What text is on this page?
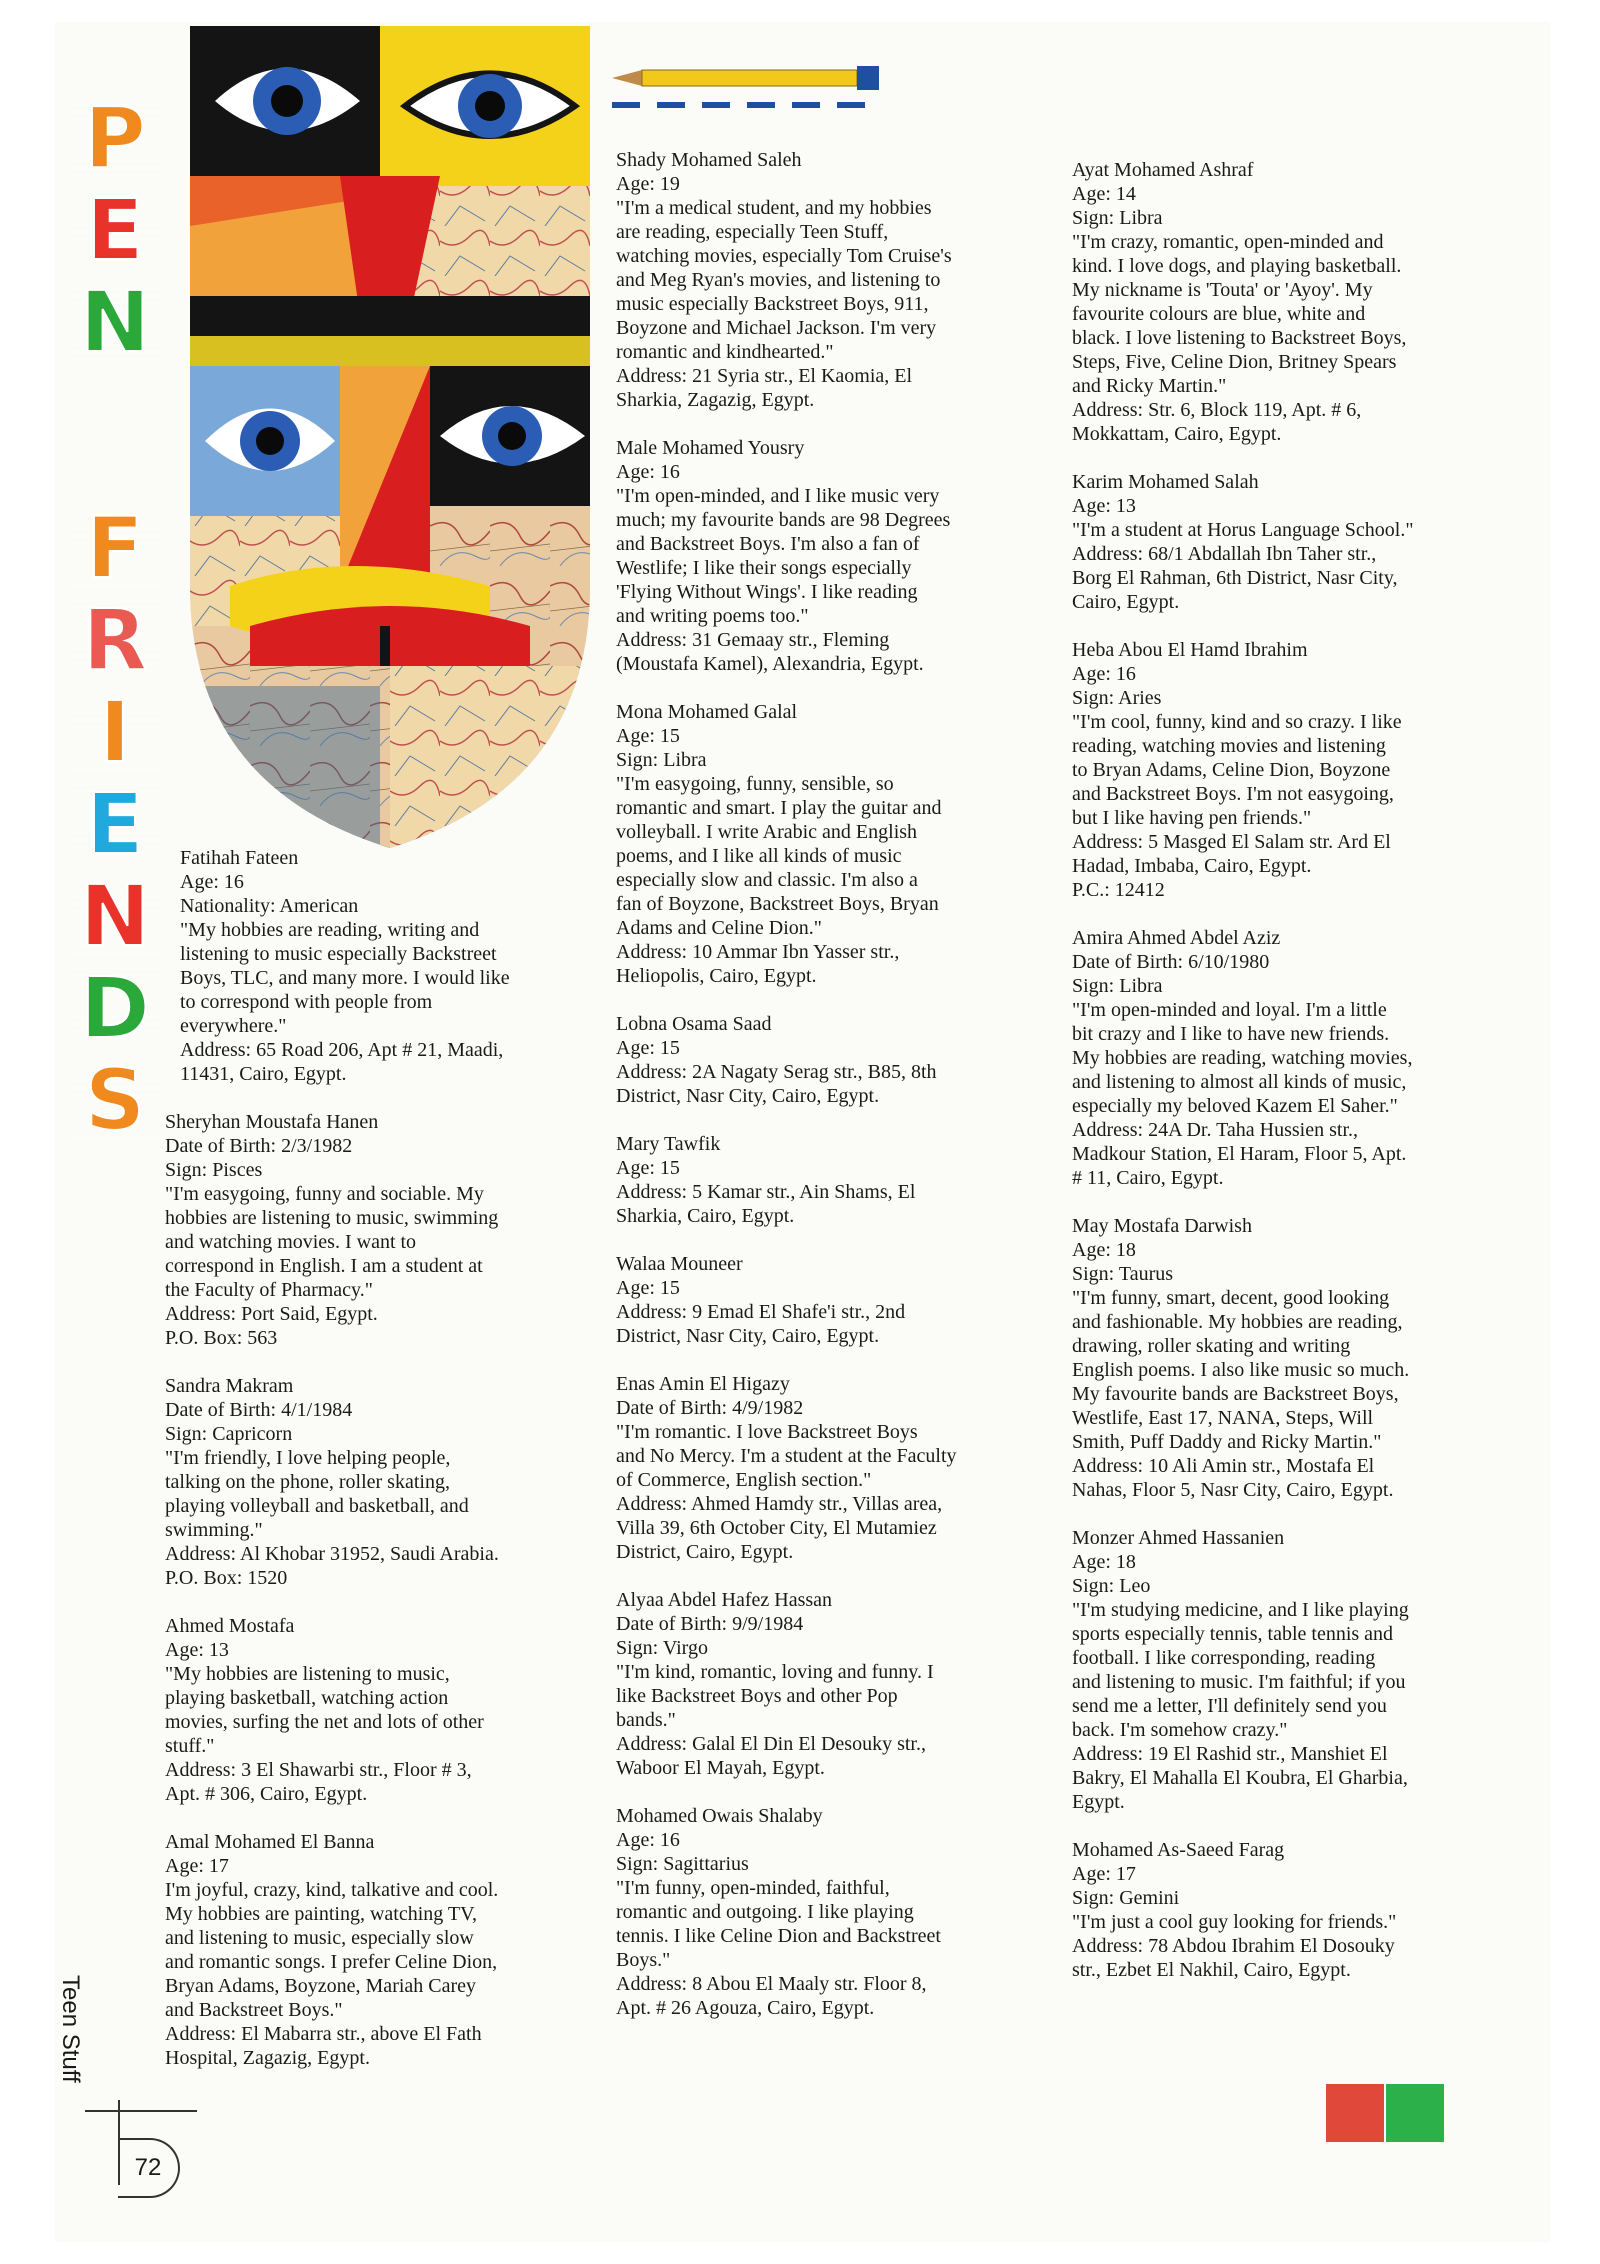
P
E
N
F
R
I
E
N
D
S
Fatihah Fateen
Age: 16
Nationality: American
"My hobbies are reading, writing and
listening to music especially Backstreet
Boys, TLC, and many more. I would like
to correspond with people from
everywhere."
Address: 65 Road 206, Apt # 21, Maadi,
11431, Cairo, Egypt.
Sheryhan Moustafa Hanen
Date of Birth: 2/3/1982
Sign: Pisces
"I'm easygoing, funny and sociable. My
hobbies are listening to music, swimming
and watching movies. I want to
correspond in English. I am a student at
the Faculty of Pharmacy."
Address: Port Said, Egypt.
P.O. Box: 563
Sandra Makram
Date of Birth: 4/1/1984
Sign: Capricorn
"I'm friendly, I love helping people,
talking on the phone, roller skating,
playing volleyball and basketball, and
swimming."
Address: Al Khobar 31952, Saudi Arabia.
P.O. Box: 1520
Ahmed Mostafa
Age: 13
"My hobbies are listening to music,
playing basketball, watching action
movies, surfing the net and lots of other
stuff."
Address: 3 El Shawarbi str., Floor # 3,
Apt. # 306, Cairo, Egypt.
Amal Mohamed El Banna
Age: 17
I'm joyful, crazy, kind, talkative and cool.
My hobbies are painting, watching TV,
and listening to music, especially slow
and romantic songs. I prefer Celine Dion,
Bryan Adams, Boyzone, Mariah Carey
and Backstreet Boys."
Address: El Mabarra str., above El Fath
Hospital, Zagazig, Egypt.
Shady Mohamed Saleh
Age: 19
"I'm a medical student, and my hobbies
are reading, especially Teen Stuff,
watching movies, especially Tom Cruise's
and Meg Ryan's movies, and listening to
music especially Backstreet Boys, 911,
Boyzone and Michael Jackson. I'm very
romantic and kindhearted."
Address: 21 Syria str., El Kaomia, El
Sharkia, Zagazig, Egypt.
Male Mohamed Yousry
Age: 16
"I'm open-minded, and I like music very
much; my favourite bands are 98 Degrees
and Backstreet Boys. I'm also a fan of
Westlife; I like their songs especially
'Flying Without Wings'. I like reading
and writing poems too."
Address: 31 Gemaay str., Fleming
(Moustafa Kamel), Alexandria, Egypt.
Mona Mohamed Galal
Age: 15
Sign: Libra
"I'm easygoing, funny, sensible, so
romantic and smart. I play the guitar and
volleyball. I write Arabic and English
poems, and I like all kinds of music
especially slow and classic. I'm also a
fan of Boyzone, Backstreet Boys, Bryan
Adams and Celine Dion."
Address: 10 Ammar Ibn Yasser str.,
Heliopolis, Cairo, Egypt.
Lobna Osama Saad
Age: 15
Address: 2A Nagaty Serag str., B85, 8th
District, Nasr City, Cairo, Egypt.
Mary Tawfik
Age: 15
Address: 5 Kamar str., Ain Shams, El
Sharkia, Cairo, Egypt.
Walaa Mouneer
Age: 15
Address: 9 Emad El Shafe'i str., 2nd
District, Nasr City, Cairo, Egypt.
Enas Amin El Higazy
Date of Birth: 4/9/1982
"I'm romantic. I love Backstreet Boys
and No Mercy. I'm a student at the Faculty
of Commerce, English section."
Address: Ahmed Hamdy str., Villas area,
Villa 39, 6th October City, El Mutamiez
District, Cairo, Egypt.
Alyaa Abdel Hafez Hassan
Date of Birth: 9/9/1984
Sign: Virgo
"I'm kind, romantic, loving and funny. I
like Backstreet Boys and other Pop
bands."
Address: Galal El Din El Desouky str.,
Waboor El Mayah, Egypt.
Mohamed Owais Shalaby
Age: 16
Sign: Sagittarius
"I'm funny, open-minded, faithful,
romantic and outgoing. I like playing
tennis. I like Celine Dion and Backstreet
Boys."
Address: 8 Abou El Maaly str. Floor 8,
Apt. # 26 Agouza, Cairo, Egypt.
Ayat Mohamed Ashraf
Age: 14
Sign: Libra
"I'm crazy, romantic, open-minded and
kind. I love dogs, and playing basketball.
My nickname is 'Touta' or 'Ayoy'. My
favourite colours are blue, white and
black. I love listening to Backstreet Boys,
Steps, Five, Celine Dion, Britney Spears
and Ricky Martin."
Address: Str. 6, Block 119, Apt. # 6,
Mokkattam, Cairo, Egypt.
Karim Mohamed Salah
Age: 13
"I'm a student at Horus Language School."
Address: 68/1 Abdallah Ibn Taher str.,
Borg El Rahman, 6th District, Nasr City,
Cairo, Egypt.
Heba Abou El Hamd Ibrahim
Age: 16
Sign: Aries
"I'm cool, funny, kind and so crazy. I like
reading, watching movies and listening
to Bryan Adams, Celine Dion, Boyzone
and Backstreet Boys. I'm not easygoing,
but I like having pen friends."
Address: 5 Masged El Salam str. Ard El
Hadad, Imbaba, Cairo, Egypt.
P.C.: 12412
Amira Ahmed Abdel Aziz
Date of Birth: 6/10/1980
Sign: Libra
"I'm open-minded and loyal. I'm a little
bit crazy and I like to have new friends.
My hobbies are reading, watching movies,
and listening to almost all kinds of music,
especially my beloved Kazem El Saher."
Address: 24A Dr. Taha Hussien str.,
Madkour Station, El Haram, Floor 5, Apt.
# 11, Cairo, Egypt.
May Mostafa Darwish
Age: 18
Sign: Taurus
"I'm funny, smart, decent, good looking
and fashionable. My hobbies are reading,
drawing, roller skating and writing
English poems. I also like music so much.
My favourite bands are Backstreet Boys,
Westlife, East 17, NANA, Steps, Will
Smith, Puff Daddy and Ricky Martin."
Address: 10 Ali Amin str., Mostafa El
Nahas, Floor 5, Nasr City, Cairo, Egypt.
Monzer Ahmed Hassanien
Age: 18
Sign: Leo
"I'm studying medicine, and I like playing
sports especially tennis, table tennis and
football. I like corresponding, reading
and listening to music. I'm faithful; if you
send me a letter, I'll definitely send you
back. I'm somehow crazy."
Address: 19 El Rashid str., Manshiet El
Bakry, El Mahalla El Koubra, El Gharbia,
Egypt.
Mohamed As-Saeed Farag
Age: 17
Sign: Gemini
"I'm just a cool guy looking for friends."
Address: 78 Abdou Ibrahim El Dosouky
str., Ezbet El Nakhil, Cairo, Egypt.
Teen Stuff
72
